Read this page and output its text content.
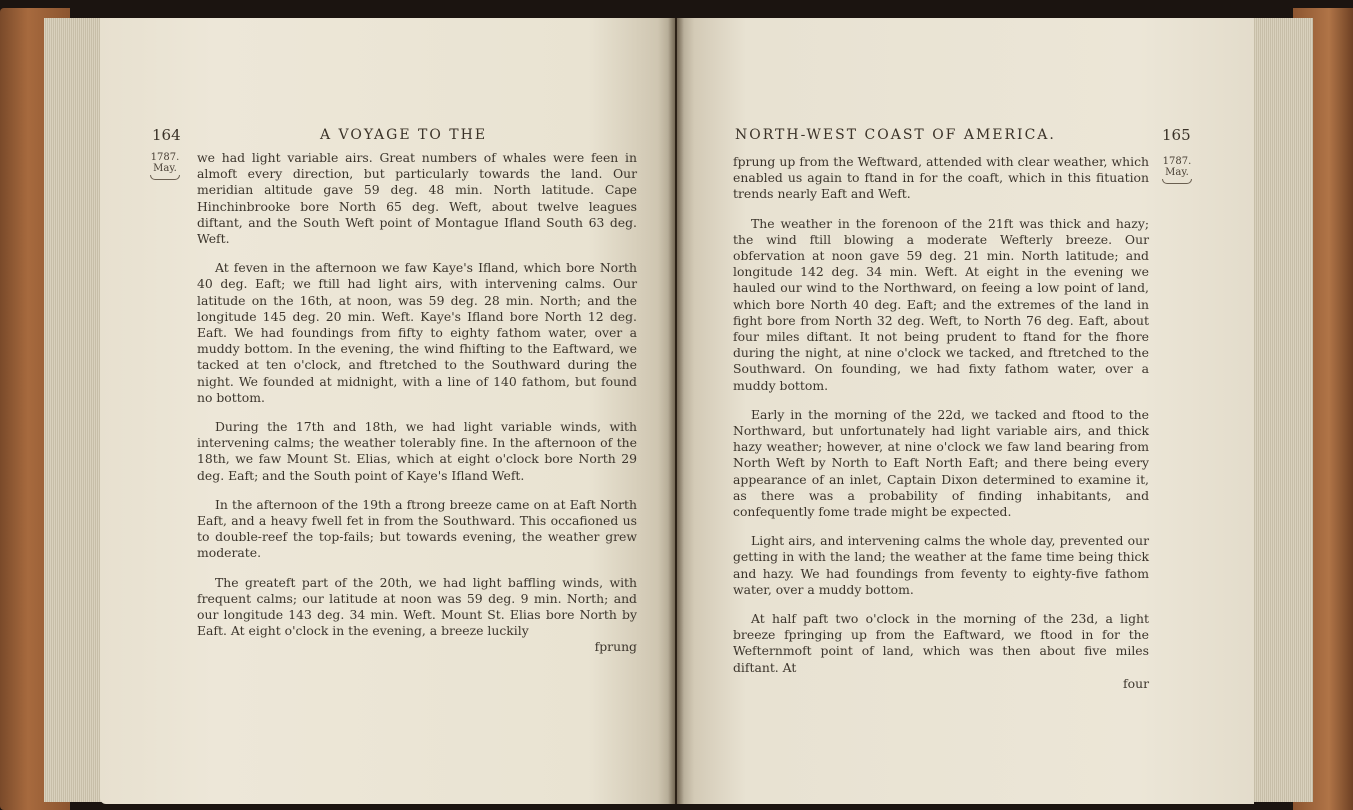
164	A VOYAGE TO THE
1787.
May.

we had light variable airs. Great numbers of whales were feen in almoft every direction, but particularly towards the land. Our meridian altitude gave 59 deg. 48 min. North latitude. Cape Hinchinbrooke bore North 65 deg. Weft, about twelve leagues diftant, and the South Weft point of Montague Ifland South 63 deg. Weft.

At feven in the afternoon we faw Kaye's Ifland, which bore North 40 deg. Eaft; we ftill had light airs, with intervening calms. Our latitude on the 16th, at noon, was 59 deg. 28 min. North; and the longitude 145 deg. 20 min. Weft. Kaye's Ifland bore North 12 deg. Eaft. We had foundings from fifty to eighty fathom water, over a muddy bottom. In the evening, the wind fhifting to the Eaftward, we tacked at ten o'clock, and ftretched to the Southward during the night. We founded at midnight, with a line of 140 fathom, but found no bottom.

During the 17th and 18th, we had light variable winds, with intervening calms; the weather tolerably fine. In the afternoon of the 18th, we faw Mount St. Elias, which at eight o'clock bore North 29 deg. Eaft; and the South point of Kaye's Ifland Weft.

In the afternoon of the 19th a ftrong breeze came on at Eaft North Eaft, and a heavy fwell fet in from the Southward. This occafioned us to double-reef the top-fails; but towards evening, the weather grew moderate.

The greateft part of the 20th, we had light baffling winds, with frequent calms; our latitude at noon was 59 deg. 9 min. North; and our longitude 143 deg. 34 min. Weft. Mount St. Elias bore North by Eaft. At eight o'clock in the evening, a breeze luckily

fprung
NORTH-WEST COAST OF AMERICA.	165
1787.
May.

fprung up from the Weftward, attended with clear weather, which enabled us again to ftand in for the coaft, which in this fituation trends nearly Eaft and Weft.

The weather in the forenoon of the 21ft was thick and hazy; the wind ftill blowing a moderate Wefterly breeze. Our obfervation at noon gave 59 deg. 21 min. North latitude; and longitude 142 deg. 34 min. Weft. At eight in the evening we hauled our wind to the Northward, on feeing a low point of land, which bore North 40 deg. Eaft; and the extremes of the land in fight bore from North 32 deg. Weft, to North 76 deg. Eaft, about four miles diftant. It not being prudent to ftand for the fhore during the night, at nine o'clock we tacked, and ftretched to the Southward. On founding, we had fixty fathom water, over a muddy bottom.

Early in the morning of the 22d, we tacked and ftood to the Northward, but unfortunately had light variable airs, and thick hazy weather; however, at nine o'clock we faw land bearing from North Weft by North to Eaft North Eaft; and there being every appearance of an inlet, Captain Dixon determined to examine it, as there was a probability of finding inhabitants, and confequently fome trade might be expected.

Light airs, and intervening calms the whole day, prevented our getting in with the land; the weather at the fame time being thick and hazy. We had foundings from feventy to eighty-five fathom water, over a muddy bottom.

At half paft two o'clock in the morning of the 23d, a light breeze fpringing up from the Eaftward, we ftood in for the Wefternmoft point of land, which was then about five miles diftant. At

four
